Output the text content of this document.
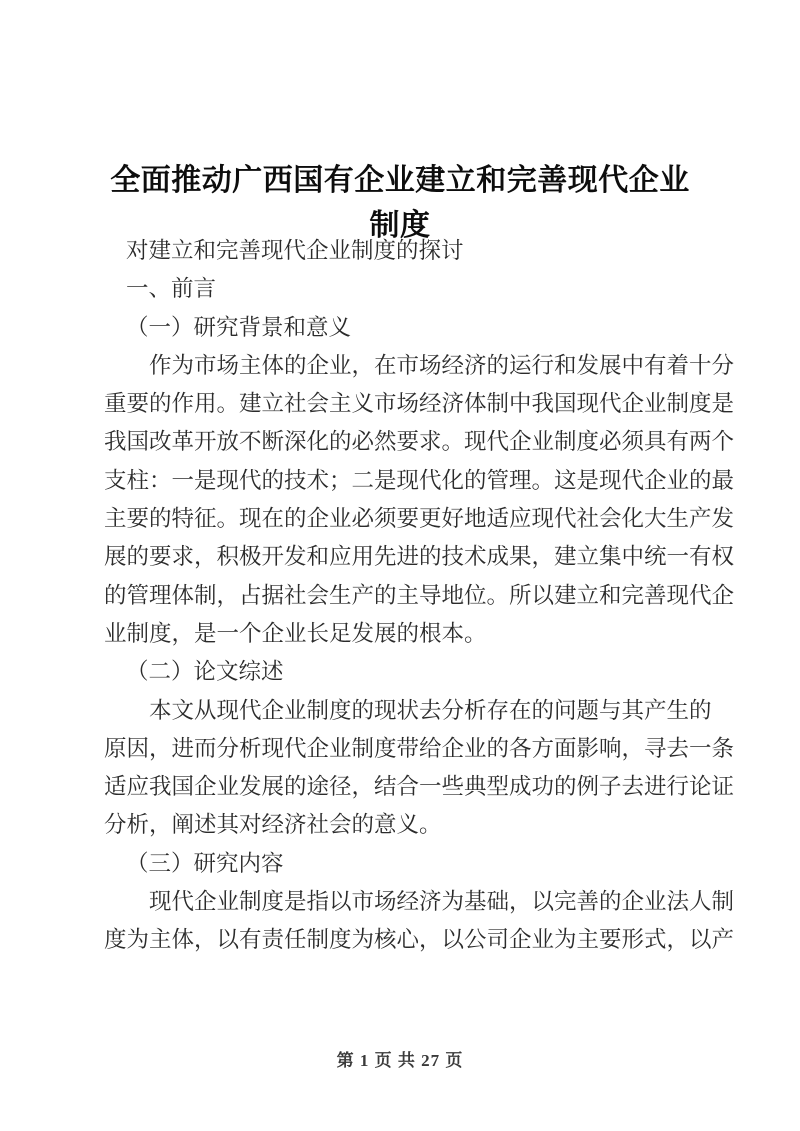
全面推动广西国有企业建立和完善现代企业制度
对建立和完善现代企业制度的探讨
一、前言
（一）研究背景和意义
作为市场主体的企业，在市场经济的运行和发展中有着十分
重要的作用。建立社会主义市场经济体制中我国现代企业制度是
我国改革开放不断深化的必然要求。现代企业制度必须具有两个
支柱：一是现代的技术；二是现代化的管理。这是现代企业的最
主要的特征。现在的企业必须要更好地适应现代社会化大生产发
展的要求，积极开发和应用先进的技术成果，建立集中统一有权
的管理体制，占据社会生产的主导地位。所以建立和完善现代企
业制度，是一个企业长足发展的根本。
（二）论文综述
本文从现代企业制度的现状去分析存在的问题与其产生的
原因，进而分析现代企业制度带给企业的各方面影响，寻去一条
适应我国企业发展的途径，结合一些典型成功的例子去进行论证
分析，阐述其对经济社会的意义。
（三）研究内容
现代企业制度是指以市场经济为基础，以完善的企业法人制
度为主体，以有责任制度为核心，以公司企业为主要形式，以产
第 1 页 共 27 页
